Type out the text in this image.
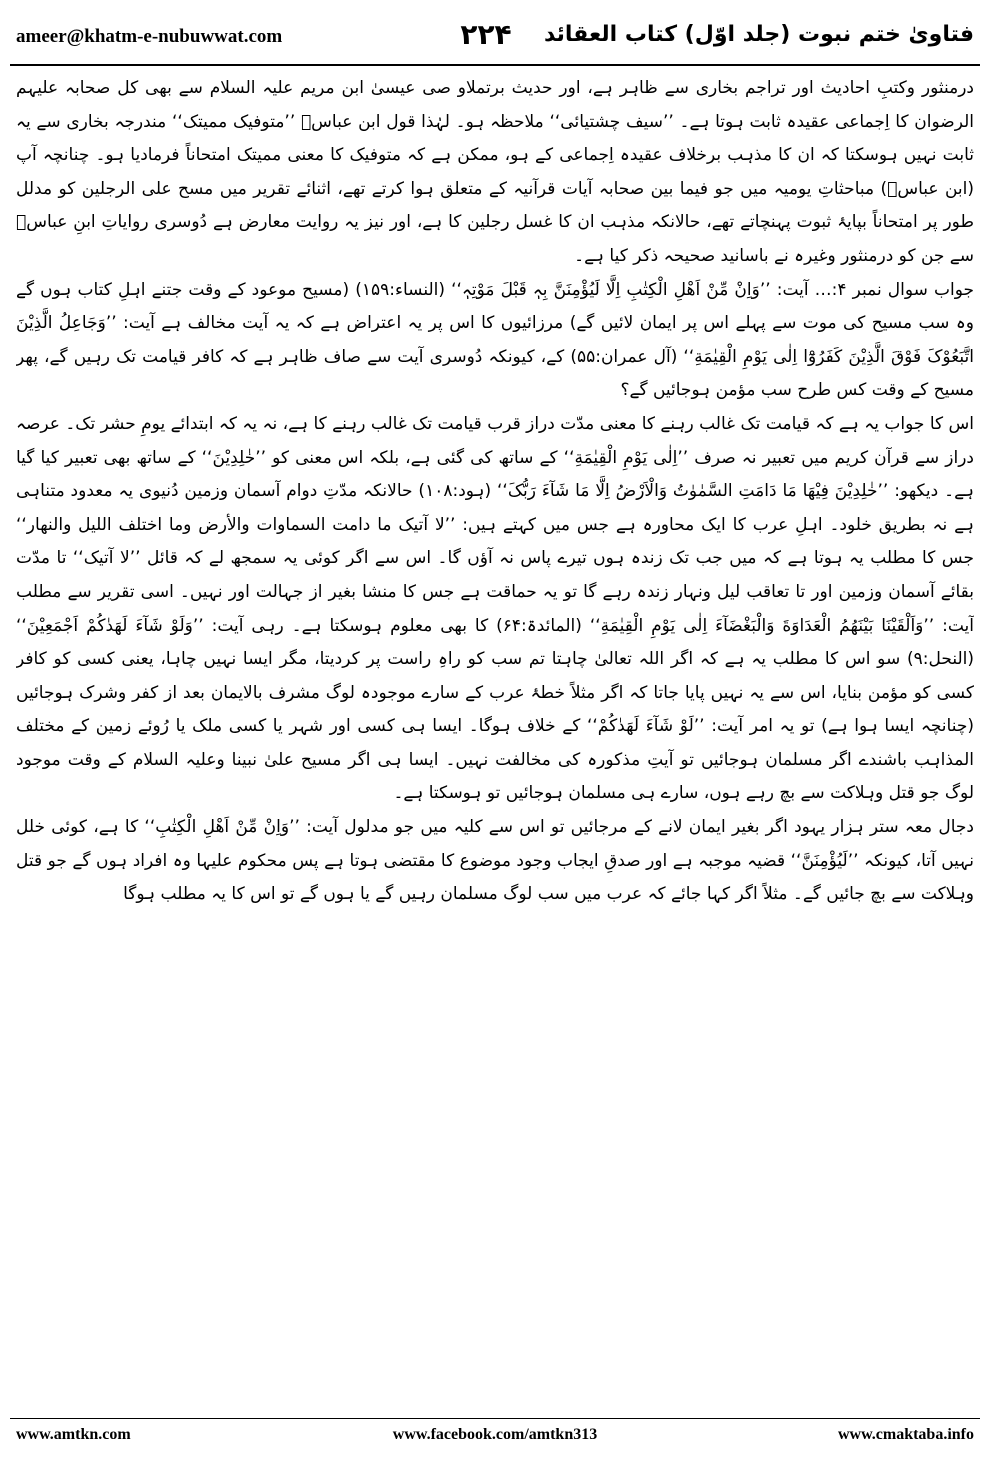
ameer@khatm-e-nubuwwat.com	۲۲۴	فتاویٰ ختم نبوت (جلد اوّل) کتاب العقائد

درمنثور وکتبِ احادیث اور تراجم بخاری سے ظاہر ہے، اور حدیث برتملاو صی عیسیٰ ابن مریم علیہ السلام سے بھی کل صحابہ علیہم الرضوان کا اِجماعی عقیدہ ثابت ہوتا ہے۔ ’’سیف چشتیائی‘‘ ملاحظہ ہو۔ لہٰذا قول ابن عباسؓ ’’متوفیک ممیتک‘‘ مندرجہ بخاری سے یہ ثابت نہیں ہوسکتا کہ ان کا مذہب برخلاف عقیدہ اِجماعی کے ہو، ممکن ہے کہ متوفیک کا معنی ممیتک امتحاناً فرمادیا ہو۔ چنانچہ آپ (ابن عباسؓ) مباحثاتِ یومیہ میں جو فیما بین صحابہ آیات قرآنیہ کے متعلق ہوا کرتے تھے، اثنائے تقریر میں مسح علی الرجلین کو مدلل طور پر امتحاناً بپایۂ ثبوت پہنچاتے تھے، حالانکہ مذہب ان کا غسل رجلین کا ہے، اور نیز یہ روایت معارض ہے دُوسری روایاتِ ابنِ عباسؓ سے جن کو درمنثور وغیرہ نے باسانید صحیحہ ذکر کیا ہے۔

جواب سوال نمبر ۴:… آیت: ’’وَاِنْ مِّنْ اَھْلِ الْکِتٰبِ اِلَّا لَیُؤْمِنَنَّ بِہٖ قَبْلَ مَوْتِہٖ‘‘ (النساء:۱۵۹) (مسیح موعود کے وقت جتنے اہلِ کتاب ہوں گے وہ سب مسیح کی موت سے پہلے اس پر ایمان لائیں گے) مرزائیوں کا اس پر یہ اعتراض ہے کہ یہ آیت مخالف ہے آیت: ’’وَجَاعِلُ الَّذِیْنَ اتَّبَعُوْکَ فَوْقَ الَّذِیْنَ کَفَرُوْٓا اِلٰی یَوْمِ الْقِیٰمَةِ‘‘ (آل عمران:۵۵) کے، کیونکہ دُوسری آیت سے صاف ظاہر ہے کہ کافر قیامت تک رہیں گے، پھر مسیح کے وقت کس طرح سب مؤمن ہوجائیں گے؟

اس کا جواب یہ ہے کہ قیامت تک غالب رہنے کا معنی مدّت دراز قرب قیامت تک غالب رہنے کا ہے، نہ یہ کہ ابتدائے یومِ حشر تک۔ عرصہ دراز سے قرآن کریم میں تعبیر نہ صرف ’’اِلٰی یَوْمِ الْقِیٰمَةِ‘‘ کے ساتھ کی گئی ہے، بلکہ اس معنی کو ’’خٰلِدِیْنَ‘‘ کے ساتھ بھی تعبیر کیا گیا ہے۔ دیکھو: ’’خٰلِدِیْنَ فِیْھَا مَا دَامَتِ السَّمٰوٰتُ وَالْاَرْضُ اِلَّا مَا شَآءَ رَبُّکَ‘‘ (ہود:۱۰۸) حالانکہ مدّتِ دوام آسمان وزمین دُنیوی یہ معدود متناہی ہے نہ بطریق خلود۔ اہلِ عرب کا ایک محاورہ ہے جس میں کہتے ہیں: ’’لا آتیک ما دامت السماوات والأرض وما اختلف اللیل والنھار‘‘ جس کا مطلب یہ ہوتا ہے کہ میں جب تک زندہ ہوں تیرے پاس نہ آؤں گا۔ اس سے اگر کوئی یہ سمجھ لے کہ قائل ’’لا آتیک‘‘ تا مدّت بقائے آسمان وزمین اور تا تعاقب لیل ونہار زندہ رہے گا تو یہ حماقت ہے جس کا منشا بغیر از جہالت اور نہیں۔ اسی تقریر سے مطلب آیت: ’’وَاَلْقَیْنَا بَیْنَھُمُ الْعَدَاوَةَ وَالْبَغْضَآءَ اِلٰی یَوْمِ الْقِیٰمَةِ‘‘ (المائدۃ:۶۴) کا بھی معلوم ہوسکتا ہے۔ رہی آیت: ’’وَلَوْ شَآءَ لَھَدٰکُمْ اَجْمَعِیْنَ‘‘ (النحل:۹) سو اس کا مطلب یہ ہے کہ اگر اللہ تعالیٰ چاہتا تم سب کو راہِ راست پر کردیتا، مگر ایسا نہیں چاہا، یعنی کسی کو کافر کسی کو مؤمن بنایا، اس سے یہ نہیں پایا جاتا کہ اگر مثلاً خطۂ عرب کے سارے موجودہ لوگ مشرف بالایمان بعد از کفر وشرک ہوجائیں (چنانچہ ایسا ہوا ہے) تو یہ امر آیت: ’’لَوْ شَآءَ لَھَدٰکُمْ‘‘ کے خلاف ہوگا۔ ایسا ہی کسی اور شہر یا کسی ملک یا رُوئے زمین کے مختلف المذاہب باشندے اگر مسلمان ہوجائیں تو آیتِ مذکورہ کی مخالفت نہیں۔ ایسا ہی اگر مسیح علیٰ نبینا وعلیہ السلام کے وقت موجود لوگ جو قتل وہلاکت سے بچ رہے ہوں، سارے ہی مسلمان ہوجائیں تو ہوسکتا ہے۔

دجال معہ ستر ہزار یہود اگر بغیر ایمان لانے کے مرجائیں تو اس سے کلیہ میں جو مدلول آیت: ’’وَاِنْ مِّنْ اَھْلِ الْکِتٰبِ‘‘ کا ہے، کوئی خلل نہیں آتا، کیونکہ ’’لَیُؤْمِنَنَّ‘‘ قضیہ موجبہ ہے اور صدقِ ایجاب وجود موضوع کا مقتضی ہوتا ہے پس محکوم علیہا وہ افراد ہوں گے جو قتل وہلاکت سے بچ جائیں گے۔ مثلاً اگر کہا جائے کہ عرب میں سب لوگ مسلمان رہیں گے یا ہوں گے تو اس کا یہ مطلب ہوگا

www.amtkn.com	www.facebook.com/amtkn313	www.cmaktaba.info
